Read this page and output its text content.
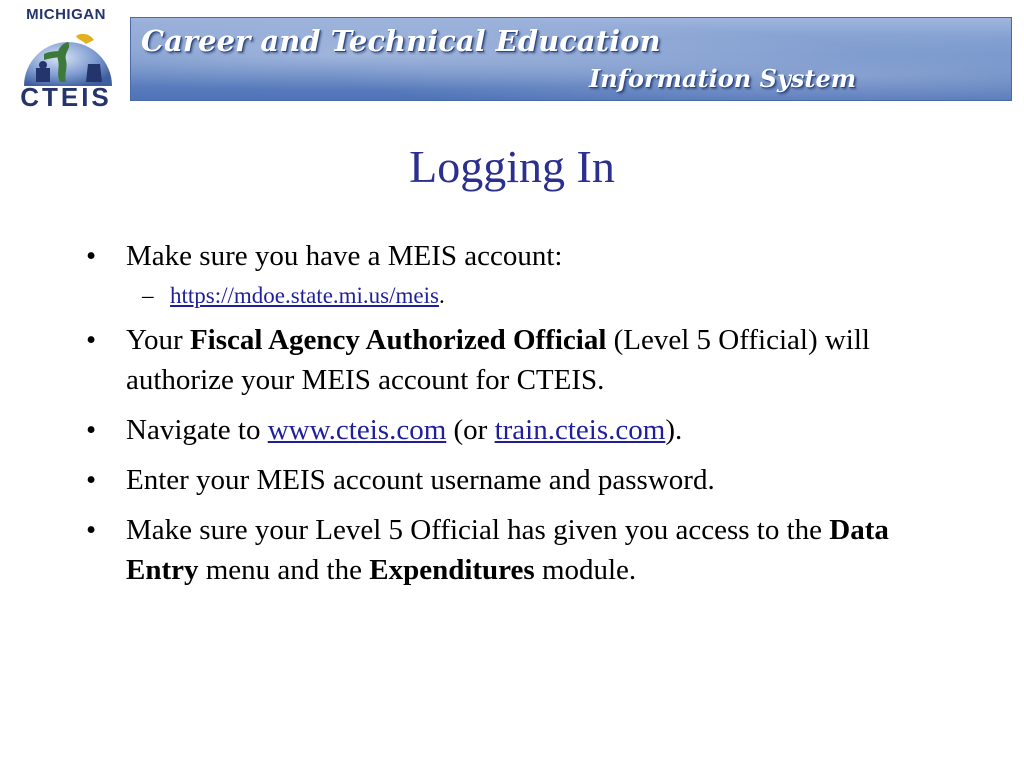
MICHIGAN
CTEIS
Career and Technical Education
Information System
Logging In
• Make sure you have a MEIS account:
– https://mdoe.state.mi.us/meis.
• Your Fiscal Agency Authorized Official (Level 5 Official) will authorize your MEIS account for CTEIS.
• Navigate to www.cteis.com (or train.cteis.com).
• Enter your MEIS account username and password.
• Make sure your Level 5 Official has given you access to the Data Entry menu and the Expenditures module.
